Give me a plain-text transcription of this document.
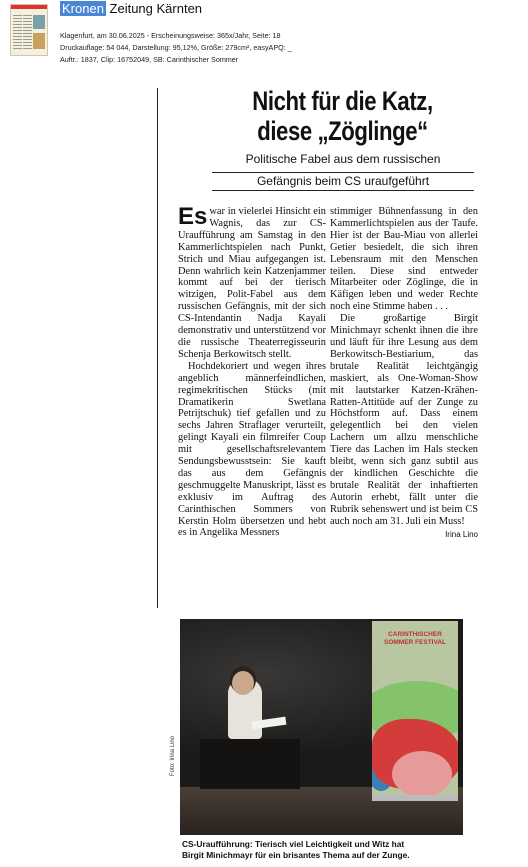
Kronen Zeitung Kärnten
Klagenfurt, am 30.06.2025 - Erscheinungsweise: 365x/Jahr, Seite: 18
Druckauflage: 54 044, Darstellung: 95,12%, Größe: 279cm², easyAPQ: _
Auftr.: 1837, Clip: 16752049, SB: Carinthischer Sommer
Nicht für die Katz,
diese „Zöglinge“
Politische Fabel aus dem russischen
Gefängnis beim CS uraufgeführt

Es war in vielerlei Hinsicht ein Wagnis, das zur CS-Uraufführung am Samstag in den Kammerlichtspielen nach Punkt, Strich und Miau aufgegangen ist. Denn wahrlich kein Katzenjammer kommt auf bei der tierisch witzigen, Polit-Fabel aus dem russischen Gefängnis, mit der sich CS-Intendantin Nadja Kayali demonstrativ und unterstützend vor die russische Theaterregisseurin Schenja Berkowitsch stellt.

Hochdekoriert und wegen ihres angeblich männerfeindlichen, regimekritischen Stücks (mit Dramatikerin Swetlana Petrijtschuk) tief gefallen und zu sechs Jahren Straflager verurteilt, gelingt Kayali ein filmreifer Coup mit gesellschaftsrelevantem Sendungsbewusstsein: Sie kauft das aus dem Gefängnis geschmuggelte Manuskript, lässt es exklusiv im Auftrag des Carinthischen Sommers von Kerstin Holm übersetzen und hebt es in Angelika Messners

stimmiger Bühnenfassung in den Kammerlichtspielen aus der Taufe. Hier ist der Bau-Miau von allerlei Getier besiedelt, die sich ihren Lebensraum mit den Menschen teilen. Diese sind entweder Mitarbeiter oder Zöglinge, die in Käfigen leben und weder Rechte noch eine Stimme haben . . .

Die großartige Birgit Minichmayr schenkt ihnen die ihre und läuft für ihre Lesung aus dem Berkowitsch-Bestiarium, das brutale Realität leichtgängig maskiert, als One-Woman-Show mit lautstarker Katzen-Krähen-Ratten-Attitüde auf der Zunge zu Höchstform auf. Dass einem gelegentlich bei den vielen Lachern um allzu menschliche Tiere das Lachen im Hals stecken bleibt, wenn sich ganz subtil aus der kindlichen Geschichte die brutale Realität der inhaftierten Autorin erhebt, fällt unter die Rubrik sehenswert und ist beim CS auch noch am 31. Juli ein Muss!

Irina Lino
CARINTHISCHER SOMMER FESTIVAL
Foto: Irina Lino
CS-Uraufführung: Tierisch viel Leichtigkeit und Witz hat
Birgit Minichmayr für ein brisantes Thema auf der Zunge.
